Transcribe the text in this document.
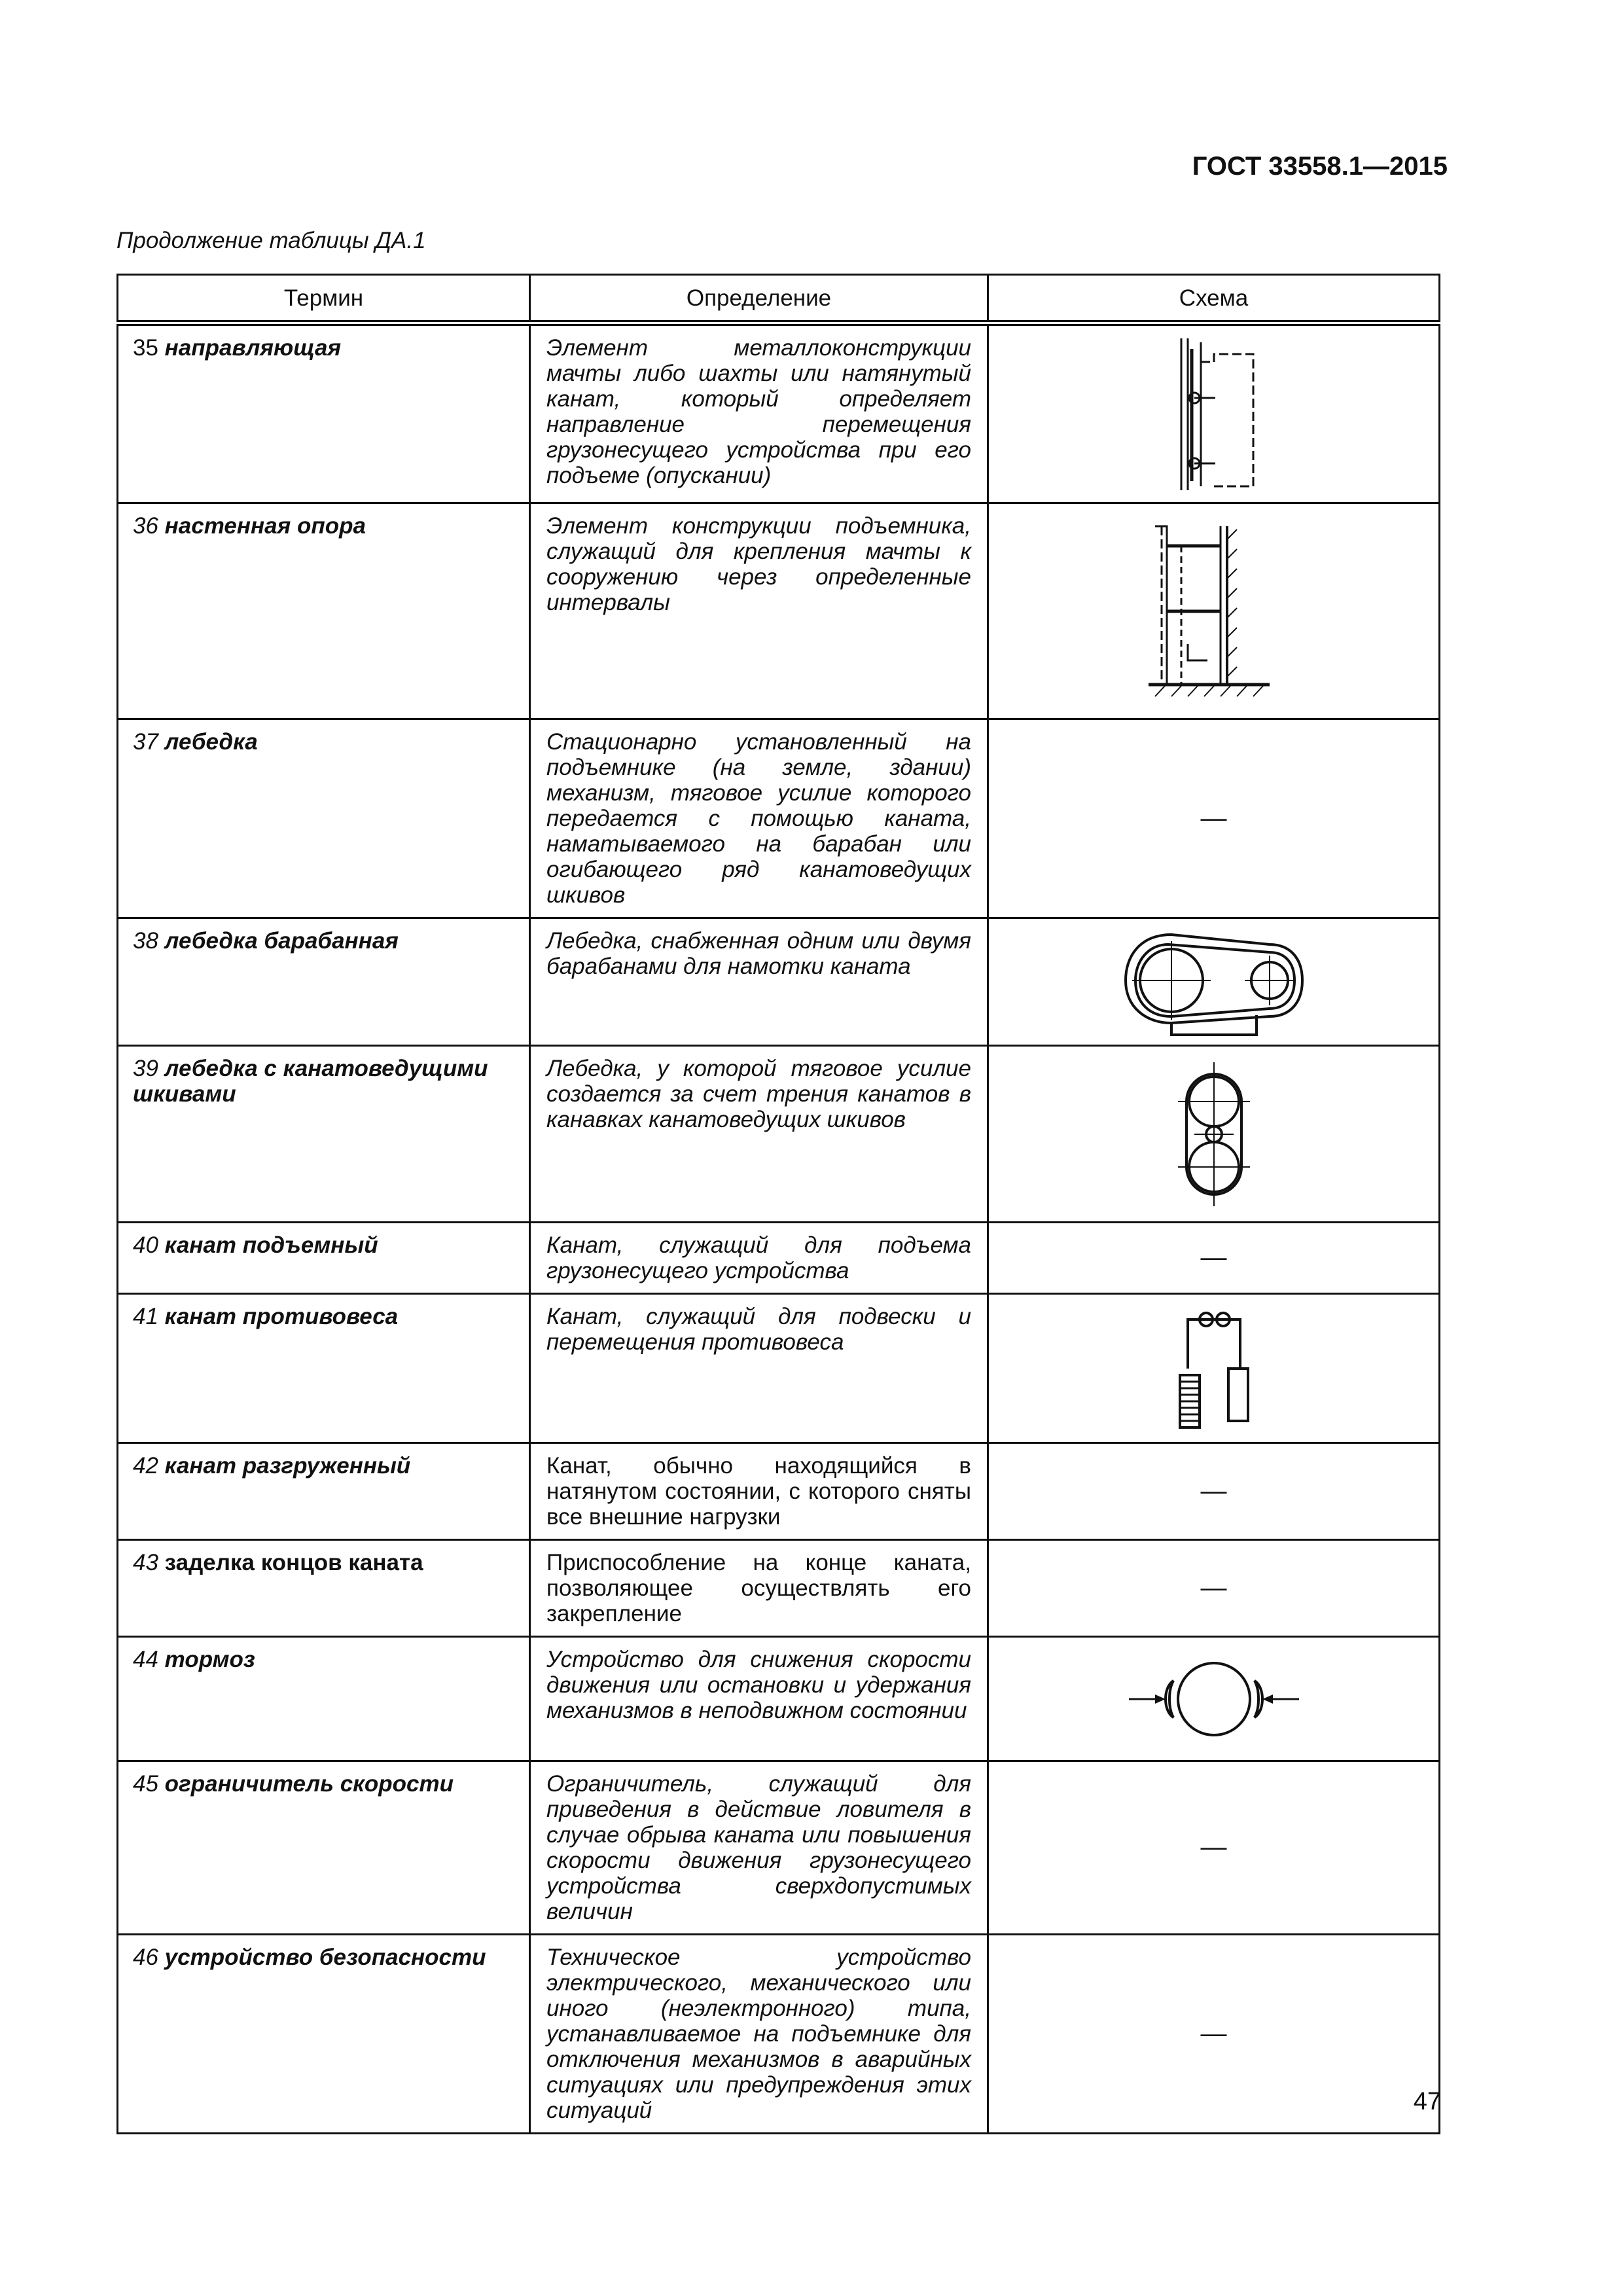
ГОСТ 33558.1—2015
Продолжение таблицы ДА.1
Термин	Определение	Схема
35 направляющая	Элемент металлоконструкции мачты либо шахты или натянутый канат, который определяет направление перемещения грузонесущего устройства при его подъеме (опускании)	

36 настенная опора	Элемент конструкции подъемника, служащий для крепления мачты к сооружению через определенные интервалы	

37 лебедка	Стационарно установленный на подъемнике (на земле, здании) механизм, тяговое усилие которого передается с помощью каната, наматываемого на барабан или огибающего ряд канатоведущих шкивов	—
38 лебедка барабанная	Лебедка, снабженная одним или двумя барабанами для намотки каната	

39 лебедка с канатоведущими шкивами	Лебедка, у которой тяговое усилие создается за счет трения канатов в канавках канатоведущих шкивов	

40 канат подъемный	Канат, служащий для подъема грузонесущего устройства	—
41 канат противовеса	Канат, служащий для подвески и перемещения противовеса	

42 канат разгруженный	Канат, обычно находящийся в натянутом состоянии, с которого сняты все внешние нагрузки	—
43 заделка концов каната	Приспособление на конце каната, позволяющее осуществлять его закрепление	—
44 тормоз	Устройство для снижения скорости движения или остановки и удержания механизмов в неподвижном состоянии	

45 ограничитель скорости	Ограничитель, служащий для приведения в действие ловителя в случае обрыва каната или повышения скорости движения грузонесущего устройства сверхдопустимых величин	—
46 устройство безопасности	Техническое устройство электрического, механического или иного (неэлектронного) типа, устанавливаемое на подъемнике для отключения механизмов в аварийных ситуациях или предупреждения этих ситуаций	—
47
